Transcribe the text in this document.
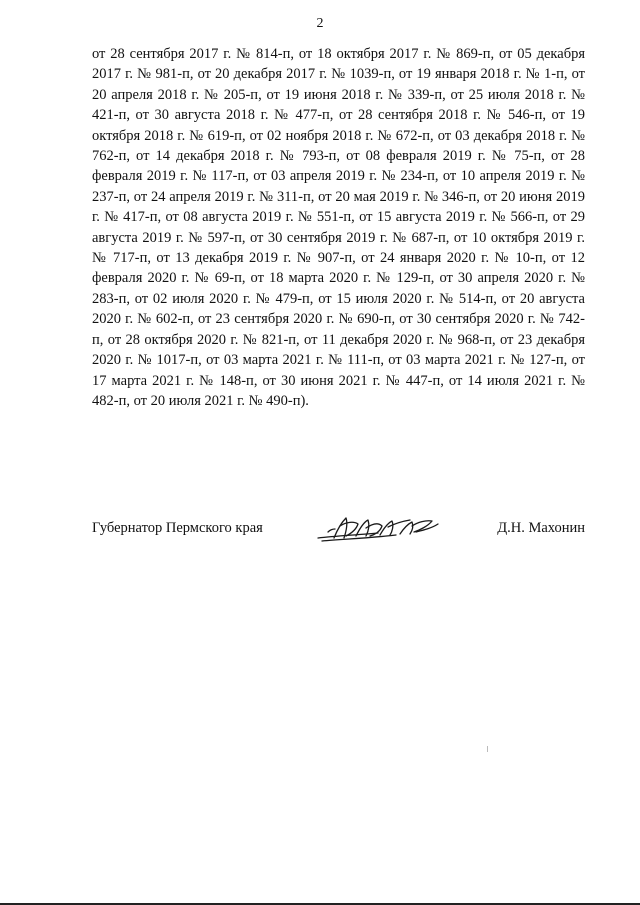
2

от 28 сентября 2017 г. № 814-п, от 18 октября 2017 г. № 869-п, от 05 декабря 2017 г. № 981-п, от 20 декабря 2017 г. № 1039-п, от 19 января 2018 г. № 1-п, от 20 апреля 2018 г. № 205-п, от 19 июня 2018 г. № 339-п, от 25 июля 2018 г. № 421-п, от 30 августа 2018 г. № 477-п, от 28 сентября 2018 г. № 546-п, от 19 октября 2018 г. № 619-п, от 02 ноября 2018 г. № 672-п, от 03 декабря 2018 г. № 762-п, от 14 декабря 2018 г. № 793-п, от 08 февраля 2019 г. № 75-п, от 28 февраля 2019 г. № 117-п, от 03 апреля 2019 г. № 234-п, от 10 апреля 2019 г. № 237-п, от 24 апреля 2019 г. № 311-п, от 20 мая 2019 г. № 346-п, от 20 июня 2019 г. № 417-п, от 08 августа 2019 г. № 551-п, от 15 августа 2019 г. № 566-п, от 29 августа 2019 г. № 597-п, от 30 сентября 2019 г. № 687-п, от 10 октября 2019 г. № 717-п, от 13 декабря 2019 г. № 907-п, от 24 января 2020 г. № 10-п, от 12 февраля 2020 г. № 69-п, от 18 марта 2020 г. № 129-п, от 30 апреля 2020 г. № 283-п, от 02 июля 2020 г. № 479-п, от 15 июля 2020 г. № 514-п, от 20 августа 2020 г. № 602-п, от 23 сентября 2020 г. № 690-п, от 30 сентября 2020 г. № 742-п, от 28 октября 2020 г. № 821-п, от 11 декабря 2020 г. № 968-п, от 23 декабря 2020 г. № 1017-п, от 03 марта 2021 г. № 111-п, от 03 марта 2021 г. № 127-п, от 17 марта 2021 г. № 148-п, от 30 июня 2021 г. № 447-п, от 14 июля 2021 г. № 482-п, от 20 июля 2021 г. № 490-п).

Губернатор Пермского края	Д.Н. Махонин
